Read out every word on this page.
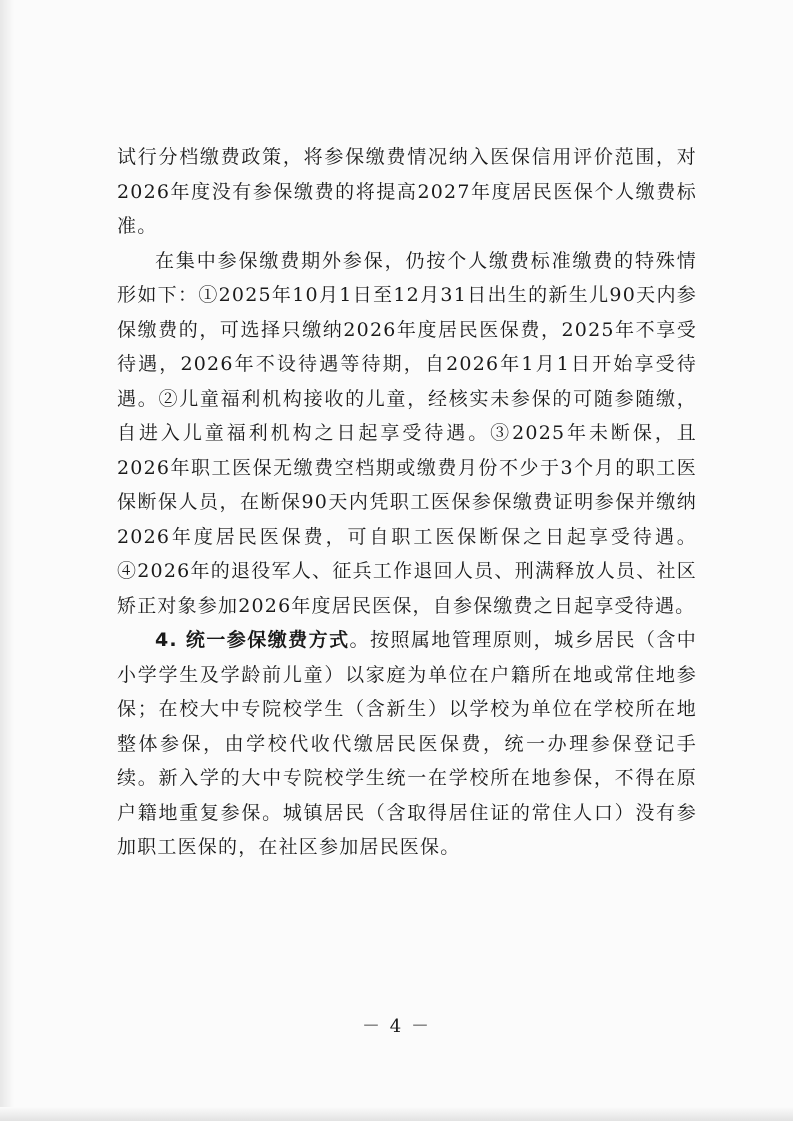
试行分档缴费政策，将参保缴费情况纳入医保信用评价范围，对2026年度没有参保缴费的将提高2027年度居民医保个人缴费标准。

在集中参保缴费期外参保，仍按个人缴费标准缴费的特殊情形如下：①2025年10月1日至12月31日出生的新生儿90天内参保缴费的，可选择只缴纳2026年度居民医保费，2025年不享受待遇，2026年不设待遇等待期，自2026年1月1日开始享受待遇。②儿童福利机构接收的儿童，经核实未参保的可随参随缴，自进入儿童福利机构之日起享受待遇。③2025年未断保，且2026年职工医保无缴费空档期或缴费月份不少于3个月的职工医保断保人员，在断保90天内凭职工医保参保缴费证明参保并缴纳2026年度居民医保费，可自职工医保断保之日起享受待遇。④2026年的退役军人、征兵工作退回人员、刑满释放人员、社区矫正对象参加2026年度居民医保，自参保缴费之日起享受待遇。

4. 统一参保缴费方式。按照属地管理原则，城乡居民（含中小学学生及学龄前儿童）以家庭为单位在户籍所在地或常住地参保；在校大中专院校学生（含新生）以学校为单位在学校所在地整体参保，由学校代收代缴居民医保费，统一办理参保登记手续。新入学的大中专院校学生统一在学校所在地参保，不得在原户籍地重复参保。城镇居民（含取得居住证的常住人口）没有参加职工医保的，在社区参加居民医保。

－ 4 －
